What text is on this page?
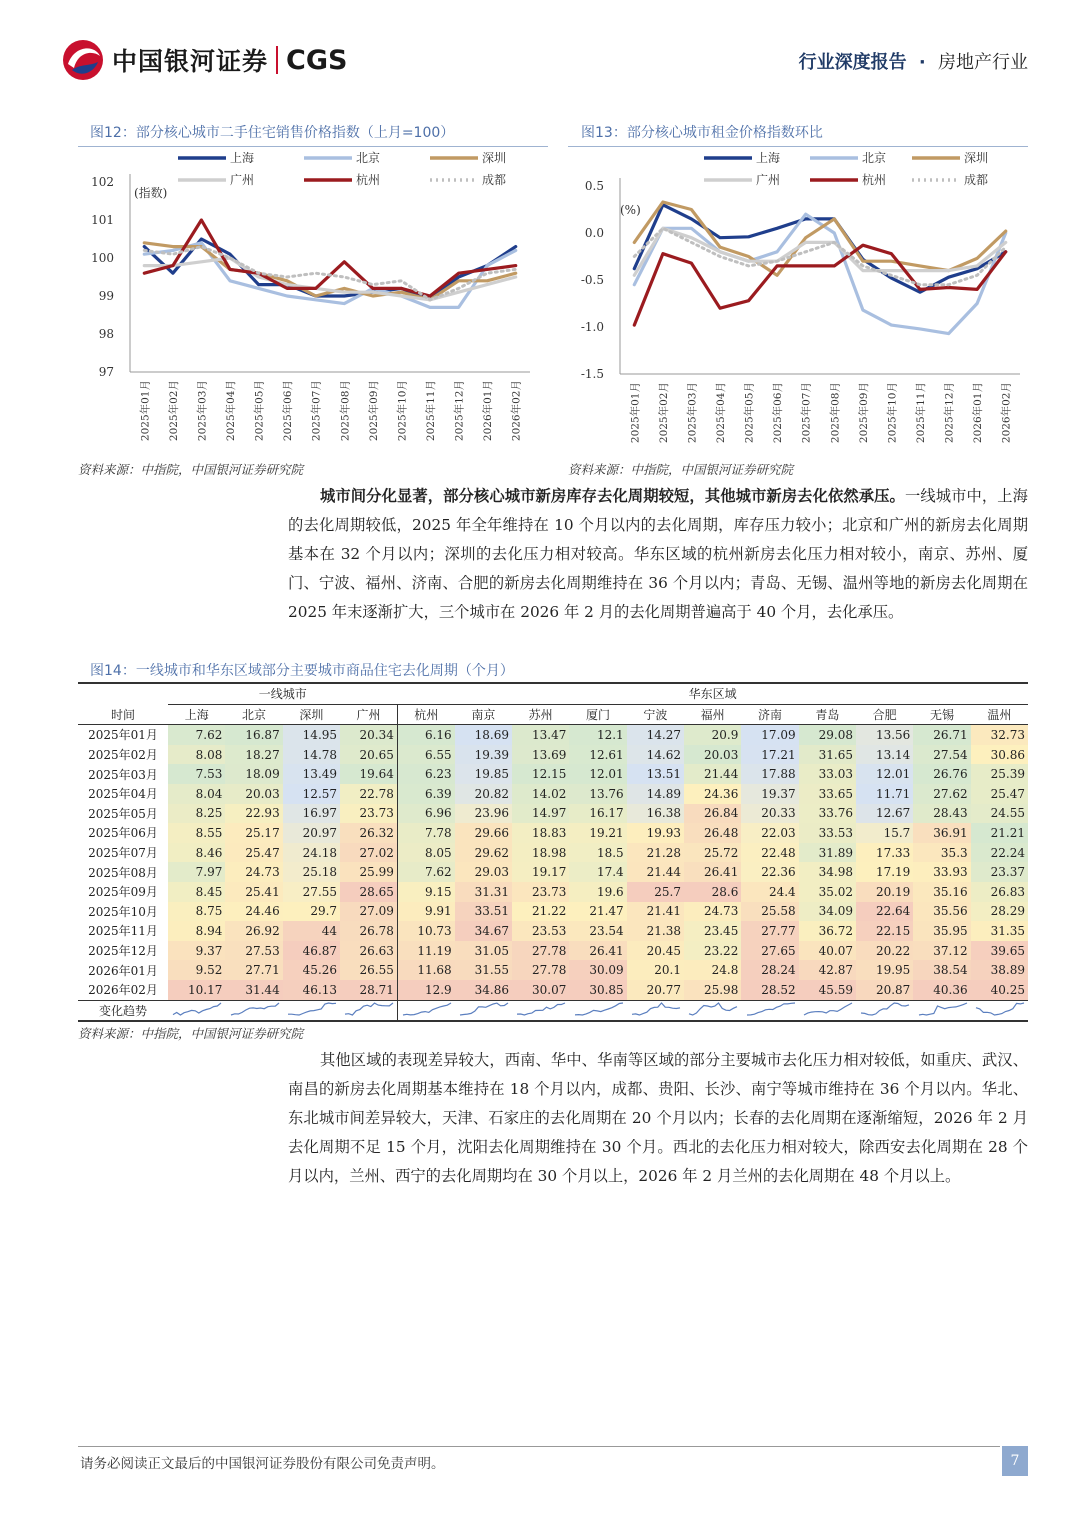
中国银河证券 CGS	行业深度报告 · 房地产行业
图12：部分核心城市二手住宅销售价格指数（上月=100）
上海	北京	深圳
广州	杭州	成都
102
101
100
99
98
97
(指数)
2025年01月 2025年02月 2025年03月 2025年04月 2025年05月 2025年06月 2025年07月 2025年08月 2025年09月 2025年10月 2025年11月 2025年12月 2026年01月 2026年02月
资料来源：中指院，中国银河证券研究院
图13：部分核心城市租金价格指数环比
上海	北京	深圳
广州	杭州	成都
0.5
0.0
-0.5
-1.0
-1.5
(%)
2025年01月 2025年02月 2025年03月 2025年04月 2025年05月 2025年06月 2025年07月 2025年08月 2025年09月 2025年10月 2025年11月 2025年12月 2026年01月 2026年02月
资料来源：中指院，中国银河证券研究院
城市间分化显著，部分核心城市新房库存去化周期较短，其他城市新房去化依然承压。一线城市中，上海的去化周期较低，2025 年全年维持在 10 个月以内的去化周期，库存压力较小；北京和广州的新房去化周期基本在 32 个月以内；深圳的去化压力相对较高。华东区域的杭州新房去化压力相对较小，南京、苏州、厦门、宁波、福州、济南、合肥的新房去化周期维持在 36 个月以内；青岛、无锡、温州等地的新房去化周期在 2025 年末逐渐扩大，三个城市在 2026 年 2 月的去化周期普遍高于 40 个月，去化承压。
图14：一线城市和华东区域部分主要城市商品住宅去化周期（个月）
	一线城市				华东区域										
时间	上海	北京	深圳	广州	杭州	南京	苏州	厦门	宁波	福州	济南	青岛	合肥	无锡	温州
2025年01月	7.62	16.87	14.95	20.34	6.16	18.69	13.47	12.1	14.27	20.9	17.09	29.08	13.56	26.71	32.73
2025年02月	8.08	18.27	14.78	20.65	6.55	19.39	13.69	12.61	14.62	20.03	17.21	31.65	13.14	27.54	30.86
2025年03月	7.53	18.09	13.49	19.64	6.23	19.85	12.15	12.01	13.51	21.44	17.88	33.03	12.01	26.76	25.39
2025年04月	8.04	20.03	12.57	22.78	6.39	20.82	14.02	13.76	14.89	24.36	19.37	33.65	11.71	27.62	25.47
2025年05月	8.25	22.93	16.97	23.73	6.96	23.96	14.97	16.17	16.38	26.84	20.33	33.76	12.67	28.43	24.55
2025年06月	8.55	25.17	20.97	26.32	7.78	29.66	18.83	19.21	19.93	26.48	22.03	33.53	15.7	36.91	21.21
2025年07月	8.46	25.47	24.18	27.02	8.05	29.62	18.98	18.5	21.28	25.72	22.48	31.89	17.33	35.3	22.24
2025年08月	7.97	24.73	25.18	25.99	7.62	29.03	19.17	17.4	21.44	26.41	22.36	34.98	17.19	33.93	23.37
2025年09月	8.45	25.41	27.55	28.65	9.15	31.31	23.73	19.6	25.7	28.6	24.4	35.02	20.19	35.16	26.83
2025年10月	8.75	24.46	29.7	27.09	9.91	33.51	21.22	21.47	21.41	24.73	25.58	34.09	22.64	35.56	28.29
2025年11月	8.94	26.92	44	26.78	10.73	34.67	23.53	23.54	21.38	23.45	27.77	36.72	22.15	35.95	31.35
2025年12月	9.37	27.53	46.87	26.63	11.19	31.05	27.78	26.41	20.45	23.22	27.65	40.07	20.22	37.12	39.65
2026年01月	9.52	27.71	45.26	26.55	11.68	31.55	27.78	30.09	20.1	24.8	28.24	42.87	19.95	38.54	38.89
2026年02月	10.17	31.44	46.13	28.71	12.9	34.86	30.07	30.85	20.77	25.98	28.52	45.59	20.87	40.36	40.25
变化趋势															
资料来源：中指院，中国银河证券研究院
其他区域的表现差异较大，西南、华中、华南等区域的部分主要城市去化压力相对较低，如重庆、武汉、南昌的新房去化周期基本维持在 18 个月以内，成都、贵阳、长沙、南宁等城市维持在 36 个月以内。华北、东北城市间差异较大，天津、石家庄的去化周期在 20 个月以内；长春的去化周期在逐渐缩短，2026 年 2 月去化周期不足 15 个月，沈阳去化周期维持在 30 个月。西北的去化压力相对较大，除西安去化周期在 28 个月以内，兰州、西宁的去化周期均在 30 个月以上，2026 年 2 月兰州的去化周期在 48 个月以上。
请务必阅读正文最后的中国银河证券股份有限公司免责声明。	7
